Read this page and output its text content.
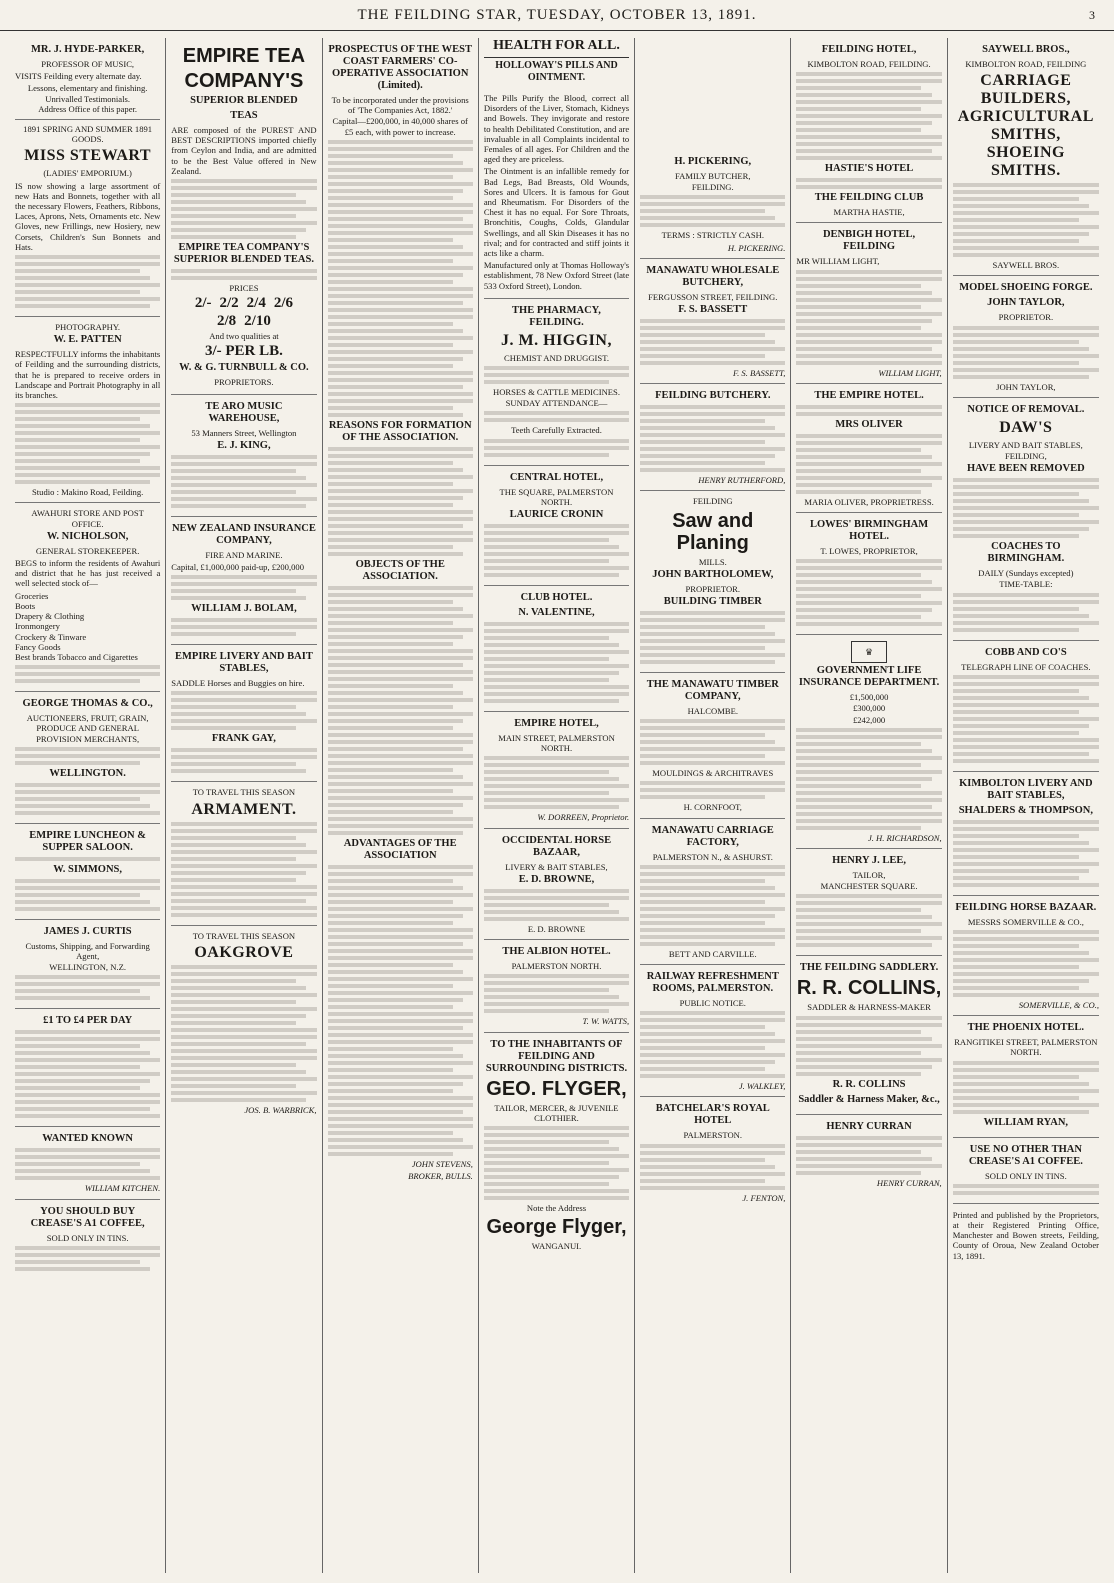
THE FEILDING STAR, TUESDAY, OCTOBER 13, 1891.	3
MR. J. HYDE-PARKER,
PROFESSOR OF MUSIC,
VISITS Feilding every alternate day.
Lessons, elementary and finishing.
Unrivalled Testimonials.
Address Office of this paper.
1891 SPRING AND SUMMER 1891 GOODS.
MISS STEWART
(LADIES' EMPORIUM.)
IS now showing a large assortment of new Hats and Bonnets, together with all the necessary Flowers, Feathers, Ribbons, Laces, Aprons, Nets, Ornaments etc. New Gloves, new Frillings, new Hosiery, new Corsets, Children's Sun Bonnets and Hats.
PHOTOGRAPHY.
W. E. PATTEN
RESPECTFULLY informs the inhabitants of Feilding and the surrounding districts, that he is prepared to receive orders in Landscape and Portrait Photography in all its branches.
Studio : Makino Road, Feilding.
AWAHURI STORE AND POST OFFICE.
W. NICHOLSON,
GENERAL STOREKEEPER.
BEGS to inform the residents of Awahuri and district that he has just received a well selected stock of—
Groceries
Boots
Drapery & Clothing
Ironmongery
Crockery & Tinware
Fancy Goods
Best brands Tobacco and Cigarettes
GEORGE THOMAS & CO.,
AUCTIONEERS, FRUIT, GRAIN, PRODUCE AND GENERAL PROVISION MERCHANTS,
WELLINGTON.
EMPIRE LUNCHEON & SUPPER SALOON.
W. SIMMONS,
JAMES J. CURTIS
Customs, Shipping, and Forwarding Agent,
WELLINGTON, N.Z.
£1 TO £4 PER DAY
WANTED KNOWN
WILLIAM KITCHEN.
YOU SHOULD BUY CREASE'S A1 COFFEE,
SOLD ONLY IN TINS.
EMPIRE TEA
COMPANY'S
SUPERIOR BLENDED
TEAS
ARE composed of the PUREST AND BEST DESCRIPTIONS imported chiefly from Ceylon and India, and are admitted to be the Best Value offered in New Zealand.
EMPIRE TEA COMPANY'S SUPERIOR BLENDED TEAS.
PRICES
2/- 2/2 2/4 2/6
2/8 2/10
And two qualities at
3/- PER LB.
W. & G. TURNBULL & CO.
PROPRIETORS.
TE ARO MUSIC WAREHOUSE,
53 Manners Street, Wellington
E. J. KING,
NEW ZEALAND INSURANCE COMPANY,
FIRE AND MARINE.
Capital, £1,000,000 paid-up, £200,000
WILLIAM J. BOLAM,
EMPIRE LIVERY AND BAIT STABLES,
SADDLE Horses and Buggies on hire.
FRANK GAY,
TO TRAVEL THIS SEASON
ARMAMENT.
TO TRAVEL THIS SEASON
OAKGROVE
JOS. B. WARBRICK,
PROSPECTUS OF THE WEST COAST FARMERS' CO-OPERATIVE ASSOCIATION (Limited).
To be incorporated under the provisions of 'The Companies Act, 1882.'
Capital—£200,000, in 40,000 shares of £5 each, with power to increase.
REASONS FOR FORMATION OF THE ASSOCIATION.
OBJECTS OF THE ASSOCIATION.
ADVANTAGES OF THE ASSOCIATION
JOHN STEVENS,
BROKER, BULLS.
HEALTH FOR ALL.
HOLLOWAY'S PILLS AND OINTMENT.
The Pills Purify the Blood, correct all Disorders of the Liver, Stomach, Kidneys and Bowels. They invigorate and restore to health Debilitated Constitution, and are invaluable in all Complaints incidental to Females of all ages. For Children and the aged they are priceless.
The Ointment is an infallible remedy for Bad Legs, Bad Breasts, Old Wounds, Sores and Ulcers. It is famous for Gout and Rheumatism. For Disorders of the Chest it has no equal. For Sore Throats, Bronchitis, Coughs, Colds, Glandular Swellings, and all Skin Diseases it has no rival; and for contracted and stiff joints it acts like a charm.
Manufactured only at Thomas Holloway's establishment, 78 New Oxford Street (late 533 Oxford Street), London.
THE PHARMACY, FEILDING.
J. M. HIGGIN,
CHEMIST AND DRUGGIST.
HORSES & CATTLE MEDICINES.
SUNDAY ATTENDANCE—
Teeth Carefully Extracted.
CENTRAL HOTEL,
THE SQUARE, PALMERSTON NORTH.
LAURICE CRONIN
CLUB HOTEL.
N. VALENTINE,
EMPIRE HOTEL,
MAIN STREET, PALMERSTON NORTH.
W. DORREEN, Proprietor.
OCCIDENTAL HORSE BAZAAR,
LIVERY & BAIT STABLES,
E. D. BROWNE,
E. D. BROWNE
THE ALBION HOTEL.
PALMERSTON NORTH.
T. W. WATTS,
TO THE INHABITANTS OF FEILDING AND SURROUNDING DISTRICTS.
GEO. FLYGER,
TAILOR, MERCER, & JUVENILE CLOTHIER.
Note the Address
George Flyger,
WANGANUI.
H. PICKERING,
FAMILY BUTCHER,
FEILDING.
TERMS : STRICTLY CASH.
H. PICKERING.
MANAWATU WHOLESALE BUTCHERY,
FERGUSSON STREET, FEILDING.
F. S. BASSETT
F. S. BASSETT,
FEILDING BUTCHERY.
HENRY RUTHERFORD,
FEILDING
Saw and Planing
MILLS.
JOHN BARTHOLOMEW,
PROPRIETOR.
BUILDING TIMBER
THE MANAWATU TIMBER COMPANY,
HALCOMBE.
MOULDINGS & ARCHITRAVES
H. CORNFOOT,
MANAWATU CARRIAGE FACTORY,
PALMERSTON N., & ASHURST.
BETT AND CARVILLE.
RAILWAY REFRESHMENT ROOMS, PALMERSTON.
PUBLIC NOTICE.
J. WALKLEY,
BATCHELAR'S ROYAL HOTEL
PALMERSTON.
J. FENTON,
FEILDING HOTEL,
KIMBOLTON ROAD, FEILDING.
HASTIE'S HOTEL
THE FEILDING CLUB
MARTHA HASTIE,
DENBIGH HOTEL, FEILDING
MR WILLIAM LIGHT,
WILLIAM LIGHT,
THE EMPIRE HOTEL.
MRS OLIVER
MARIA OLIVER, PROPRIETRESS.
LOWES' BIRMINGHAM HOTEL.
T. LOWES, PROPRIETOR,
♛
GOVERNMENT LIFE INSURANCE DEPARTMENT.
£1,500,000
£300,000
£242,000
J. H. RICHARDSON,
HENRY J. LEE,
TAILOR,
MANCHESTER SQUARE.
THE FEILDING SADDLERY.
R. R. COLLINS,
SADDLER & HARNESS-MAKER
R. R. COLLINS
Saddler & Harness Maker, &c.,
HENRY CURRAN
HENRY CURRAN,
SAYWELL BROS.,
KIMBOLTON ROAD, FEILDING
CARRIAGE BUILDERS, AGRICULTURAL SMITHS, SHOEING SMITHS.
SAYWELL BROS.
MODEL SHOEING FORGE.
JOHN TAYLOR,
PROPRIETOR.
JOHN TAYLOR,
NOTICE OF REMOVAL.
DAW'S
LIVERY AND BAIT STABLES,
FEILDING,
HAVE BEEN REMOVED
COACHES TO BIRMINGHAM.
DAILY (Sundays excepted)
TIME-TABLE:
COBB AND CO'S
TELEGRAPH LINE OF COACHES.
KIMBOLTON LIVERY AND BAIT STABLES,
SHALDERS & THOMPSON,
FEILDING HORSE BAZAAR.
MESSRS SOMERVILLE & CO.,
SOMERVILLE, & CO.,
THE PHOENIX HOTEL.
RANGITIKEI STREET, PALMERSTON NORTH.
WILLIAM RYAN,
USE NO OTHER THAN CREASE'S A1 COFFEE.
SOLD ONLY IN TINS.
Printed and published by the Proprietors, at their Registered Printing Office, Manchester and Bowen streets, Feilding, County of Oroua, New Zealand October 13, 1891.
